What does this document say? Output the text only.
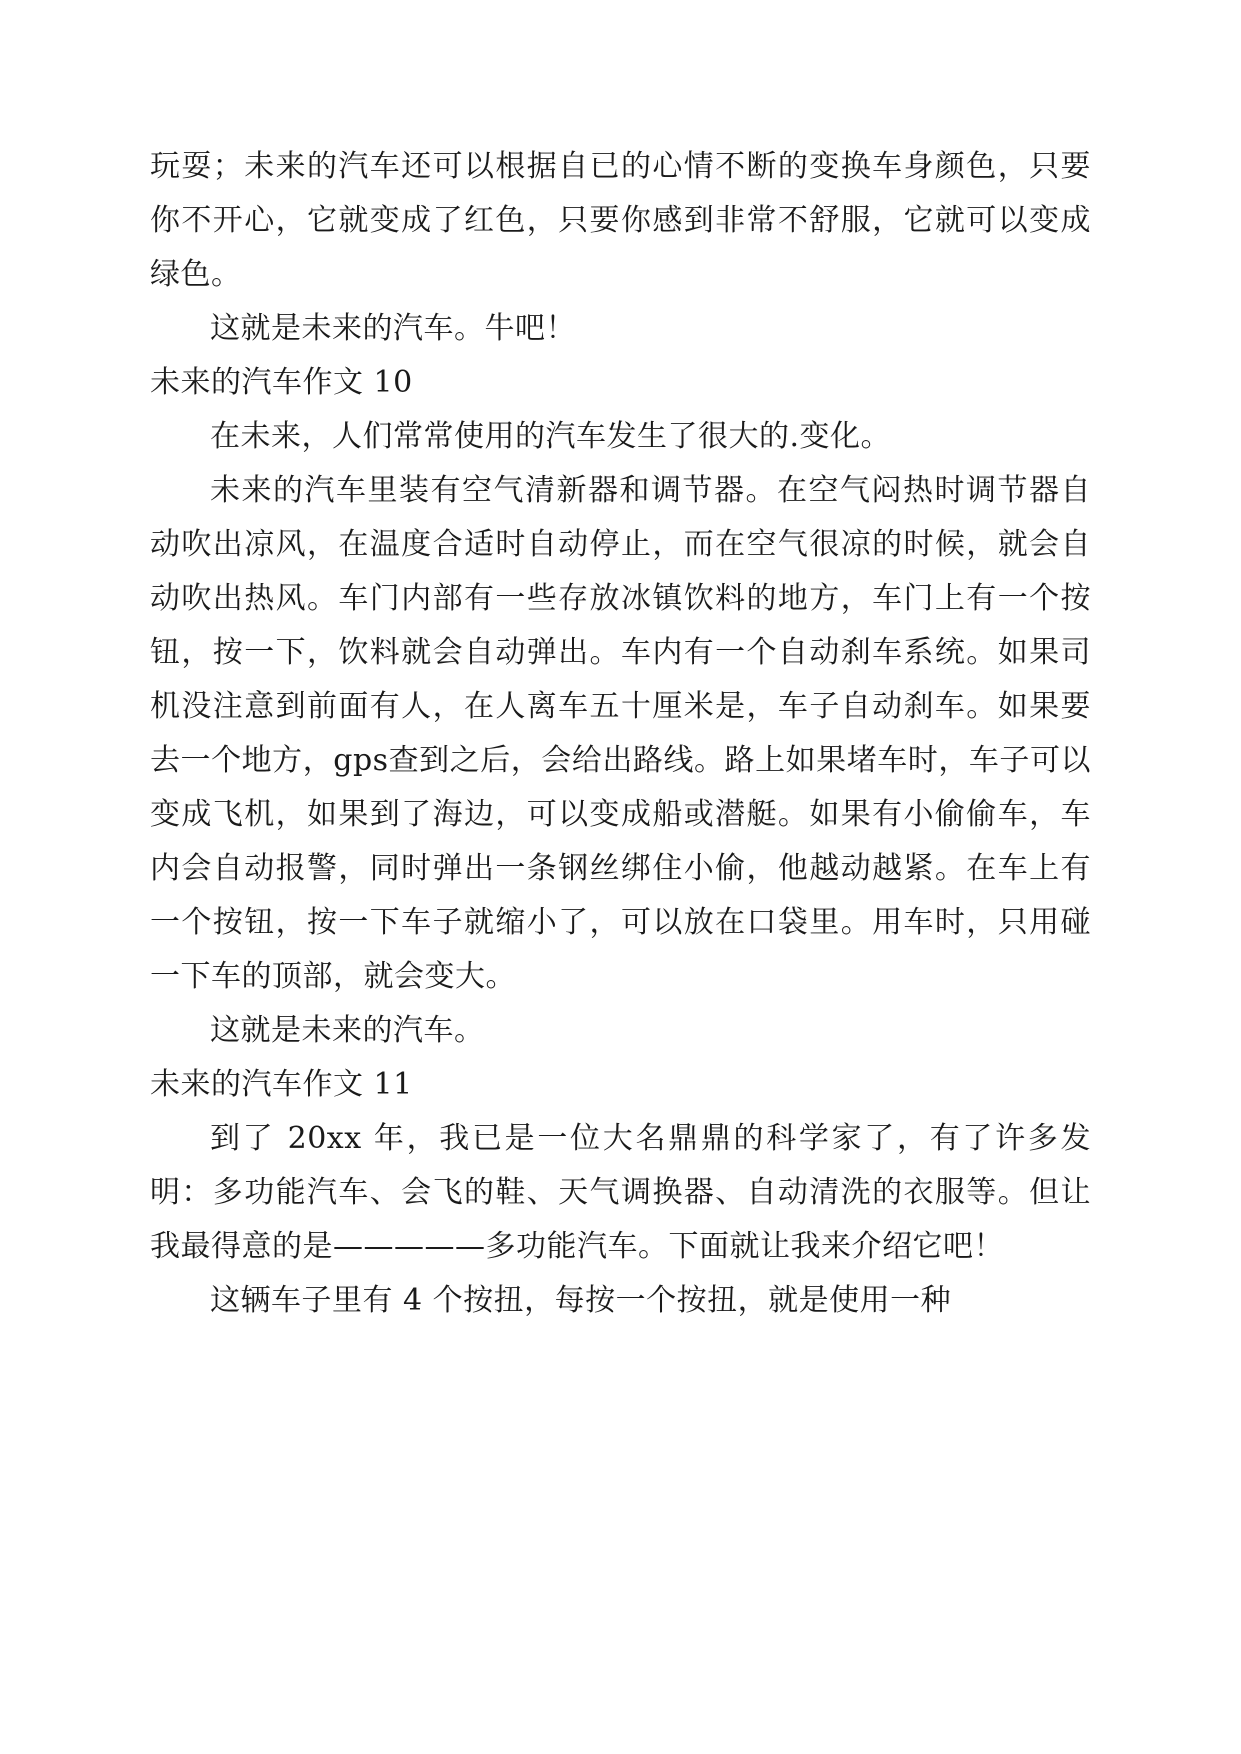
玩耍；未来的汽车还可以根据自已的心情不断的变换车身颜色，只要你不开心，它就变成了红色，只要你感到非常不舒服，它就可以变成绿色。

这就是未来的汽车。牛吧！

未来的汽车作文 10

在未来，人们常常使用的汽车发生了很大的.变化。

未来的汽车里装有空气清新器和调节器。在空气闷热时调节器自动吹出凉风，在温度合适时自动停止，而在空气很凉的时候，就会自动吹出热风。车门内部有一些存放冰镇饮料的地方，车门上有一个按钮，按一下，饮料就会自动弹出。车内有一个自动刹车系统。如果司机没注意到前面有人，在人离车五十厘米是，车子自动刹车。如果要去一个地方，gps查到之后，会给出路线。路上如果堵车时，车子可以变成飞机，如果到了海边，可以变成船或潜艇。如果有小偷偷车，车内会自动报警，同时弹出一条钢丝绑住小偷，他越动越紧。在车上有一个按钮，按一下车子就缩小了，可以放在口袋里。用车时，只用碰一下车的顶部，就会变大。

这就是未来的汽车。

未来的汽车作文 11

到了 20xx 年，我已是一位大名鼎鼎的科学家了，有了许多发明：多功能汽车、会飞的鞋、天气调换器、自动清洗的衣服等。但让我最得意的是—————多功能汽车。下面就让我来介绍它吧！

这辆车子里有 4 个按扭，每按一个按扭，就是使用一种
